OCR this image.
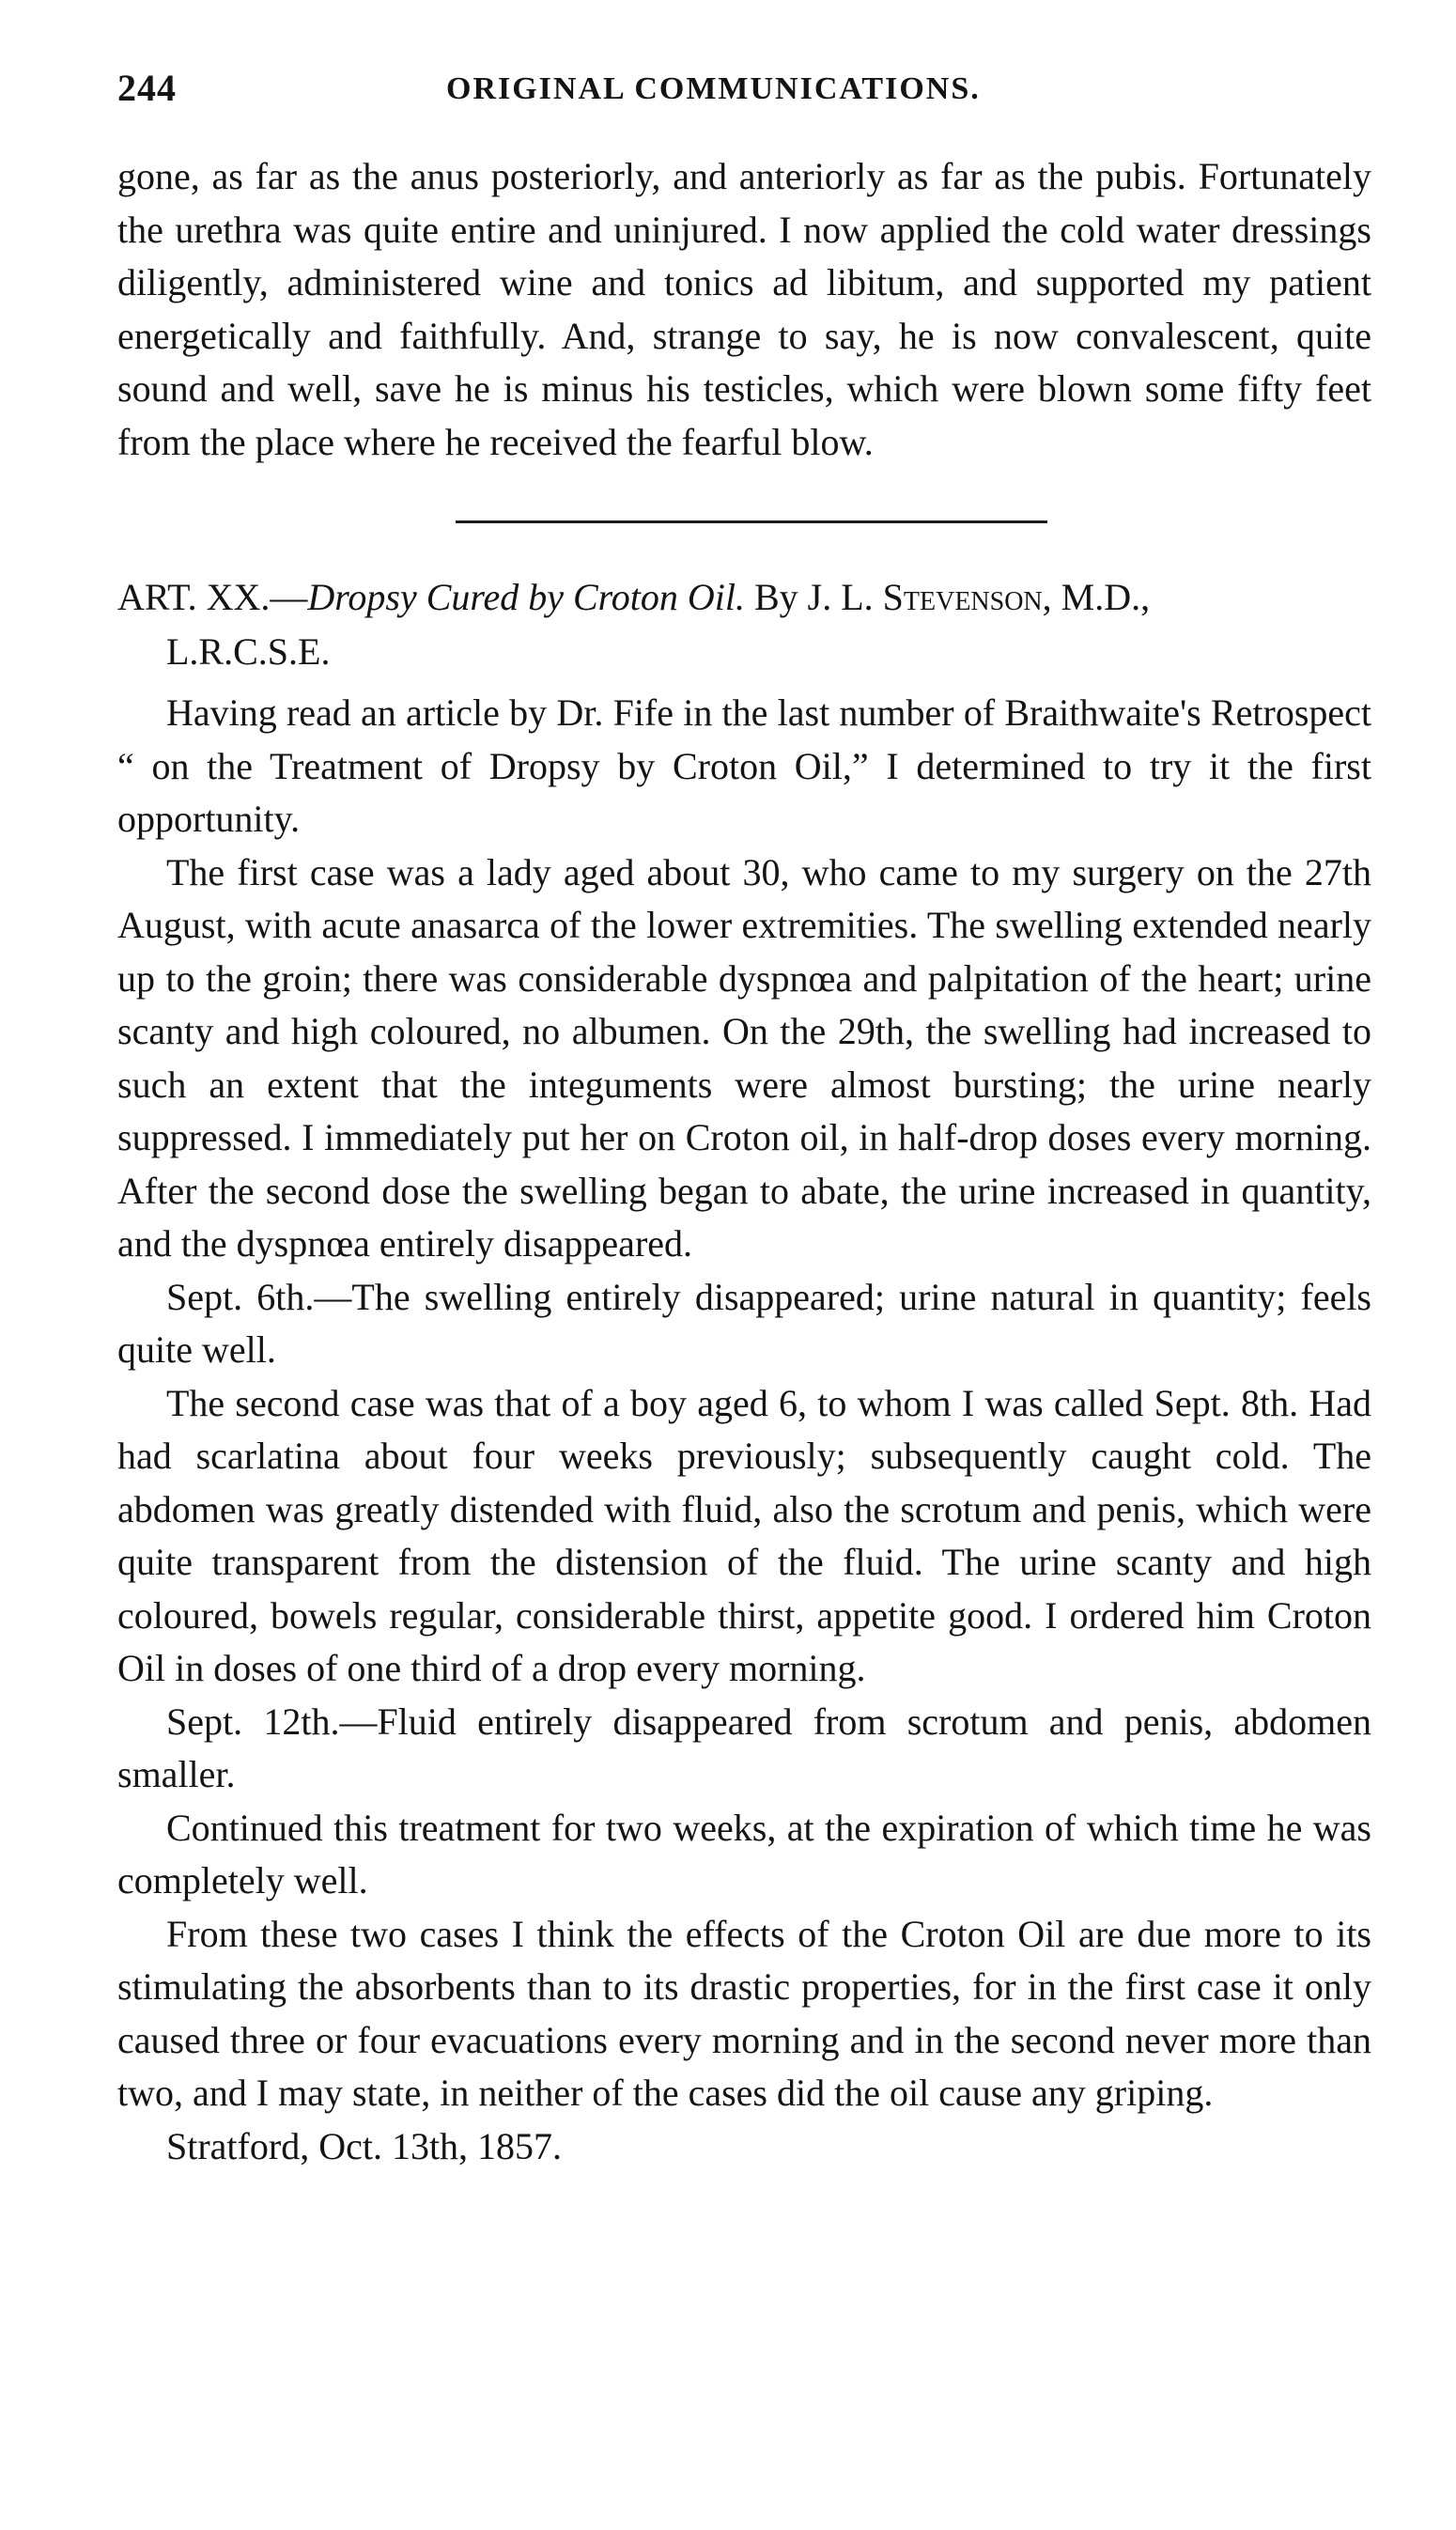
244	ORIGINAL COMMUNICATIONS.

gone, as far as the anus posteriorly, and anteriorly as far as the pubis. Fortunately the urethra was quite entire and uninjured. I now applied the cold water dressings diligently, administered wine and tonics ad libitum, and supported my patient energetically and faithfully. And, strange to say, he is now convalescent, quite sound and well, save he is minus his testicles, which were blown some fifty feet from the place where he received the fearful blow.

ART. XX.—Dropsy Cured by Croton Oil. By J. L. Stevenson, M.D.,
L.R.C.S.E.

Having read an article by Dr. Fife in the last number of Braithwaite's Retrospect “ on the Treatment of Dropsy by Croton Oil,” I determined to try it the first opportunity.

The first case was a lady aged about 30, who came to my surgery on the 27th August, with acute anasarca of the lower extremities. The swelling extended nearly up to the groin; there was considerable dyspnœa and palpitation of the heart; urine scanty and high coloured, no albumen. On the 29th, the swelling had increased to such an extent that the integuments were almost bursting; the urine nearly suppressed. I immediately put her on Croton oil, in half-drop doses every morning. After the second dose the swelling began to abate, the urine increased in quantity, and the dyspnœa entirely disappeared.

Sept. 6th.—The swelling entirely disappeared; urine natural in quantity; feels quite well.

The second case was that of a boy aged 6, to whom I was called Sept. 8th. Had had scarlatina about four weeks previously; subsequently caught cold. The abdomen was greatly distended with fluid, also the scrotum and penis, which were quite transparent from the distension of the fluid. The urine scanty and high coloured, bowels regular, considerable thirst, appetite good. I ordered him Croton Oil in doses of one third of a drop every morning.

Sept. 12th.—Fluid entirely disappeared from scrotum and penis, abdomen smaller.

Continued this treatment for two weeks, at the expiration of which time he was completely well.

From these two cases I think the effects of the Croton Oil are due more to its stimulating the absorbents than to its drastic properties, for in the first case it only caused three or four evacuations every morning and in the second never more than two, and I may state, in neither of the cases did the oil cause any griping.

Stratford, Oct. 13th, 1857.
